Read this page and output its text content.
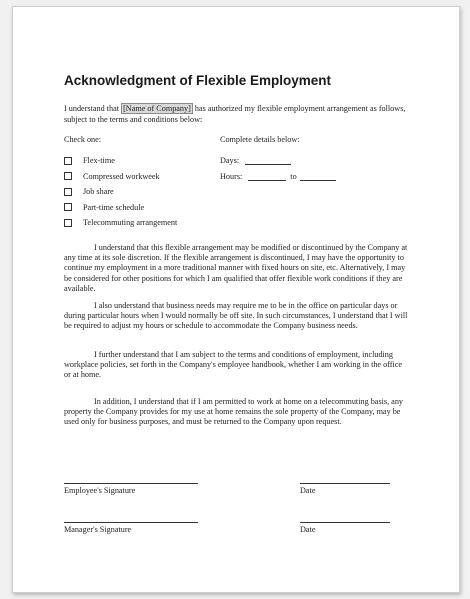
Acknowledgment of Flexible Employment
I understand that [Name of Company] has authorized my flexible employment arrangement as follows, subject to the terms and conditions below:
Check one:	Complete details below:
Flex-time
Compressed workweek
Job share
Part-time schedule
Telecommuting arrangement
Days:
Hours:	to

I understand that this flexible arrangement may be modified or discontinued by the Company at any time at its sole discretion. If the flexible arrangement is discontinued, I may have the opportunity to continue my employment in a more traditional manner with fixed hours on site, etc. Alternatively, I may be considered for other positions for which I am qualified that offer flexible work conditions if they are available.

I also understand that business needs may require me to be in the office on particular days or during particular hours when I would normally be off site. In such circumstances, I understand that I will be required to adjust my hours or schedule to accommodate the Company business needs.

I further understand that I am subject to the terms and conditions of employment, including workplace policies, set forth in the Company's employee handbook, whether I am working in the office or at home.

In addition, I understand that if I am permitted to work at home on a telecommuting basis, any property the Company provides for my use at home remains the sole property of the Company, may be used only for business purposes, and must be returned to the Company upon request.

Employee's Signature	Date
Manager's Signature	Date
